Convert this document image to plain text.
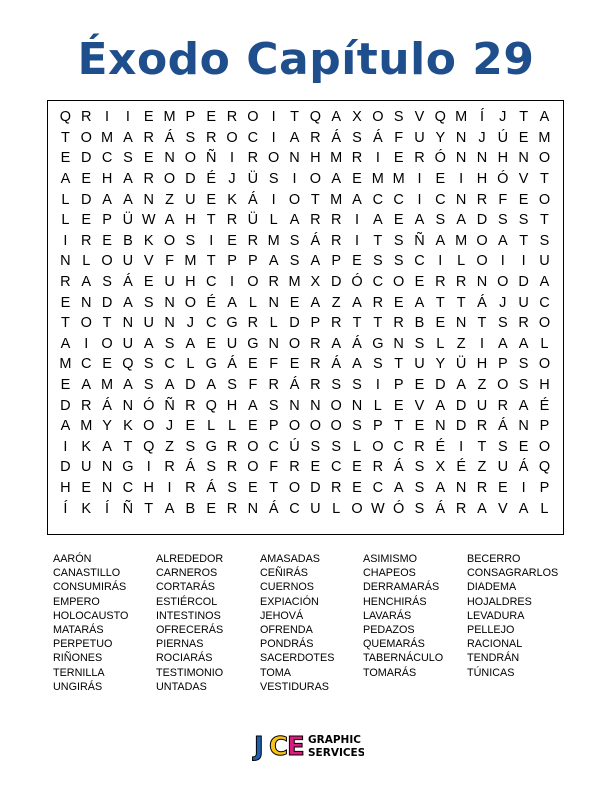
Éxodo Capítulo 29
Q R I	I E M P E R O I T Q A X O S V Q M Í	J T A
T O M A R Á S R O C I A R Á S Á F U Y N J Ú E M
E D C S E N O Ñ I R O N H M R I E R Ó N N H N O
A E H A R O D É J Ü S I O A E M M I E I H Ó V T
L D A A N Z U E K Á I O T M A C C I C N R F E O
L E P Ü W A H T R Ü L A R R I A E A S A D S S T
I R E B K O S I E R M S Á R I T S Ñ A M O A T S
N L O U V F M T P P A S A P E S S C I	L O I	I U
R A S Á E U H C I O R M X D Ó C O E R R N O D A
E N D A S N O É A L N E A Z A R E A T T Á J U C
T O T N U N J C G R L D P R T T R B E N T S R O
A I O U A S A E U G N O R A Á G N S L Z I A A L
M C E Q S C L G Á E F E R Á A S T U Y Ü H P S O
E A M A S A D A S F R Á R S S I P E D A Z O S H
D R Á N Ó Ñ R Q H A S N N O N L E V A D U R A É
A M Y K O J E L L E P O O O S P T E N D R Á N P
I K A T Q Z S G R O C Ú S S L O C R É I T S E O
D U N G I R Á S R O F R E C E R Á S X É Z U Á Q
H E N C H I R Á S E T O D R E C A S A N R E I P
Í K Í Ñ T A B E R N Á C U L O W Ó S Á R A V A L
AARÓN
CANASTILLO
CONSUMIRÁS
EMPERO
HOLOCAUSTO
MATARÁS
PERPETUO
RIÑONES
TERNILLA
UNGIRÁS
ALREDEDOR
CARNEROS
CORTARÁS
ESTIÉRCOL
INTESTINOS
OFRECERÁS
PIERNAS
ROCIARÁS
TESTIMONIO
UNTADAS
AMASADAS
CEÑIRÁS
CUERNOS
EXPIACIÓN
JEHOVÁ
OFRENDA
PONDRÁS
SACERDOTES
TOMA
VESTIDURAS
ASIMISMO
CHAPEOS
DERRAMARÁS
HENCHIRÁS
LAVARÁS
PEDAZOS
QUEMARÁS
TABERNÁCULO
TOMARÁS
BECERRO
CONSAGRARLOS
DIADEMA
HOJALDRES
LEVADURA
PELLEJO
RACIONAL
TENDRÁN
TÚNICAS
J C
E GRAPHIC
SERVICES
